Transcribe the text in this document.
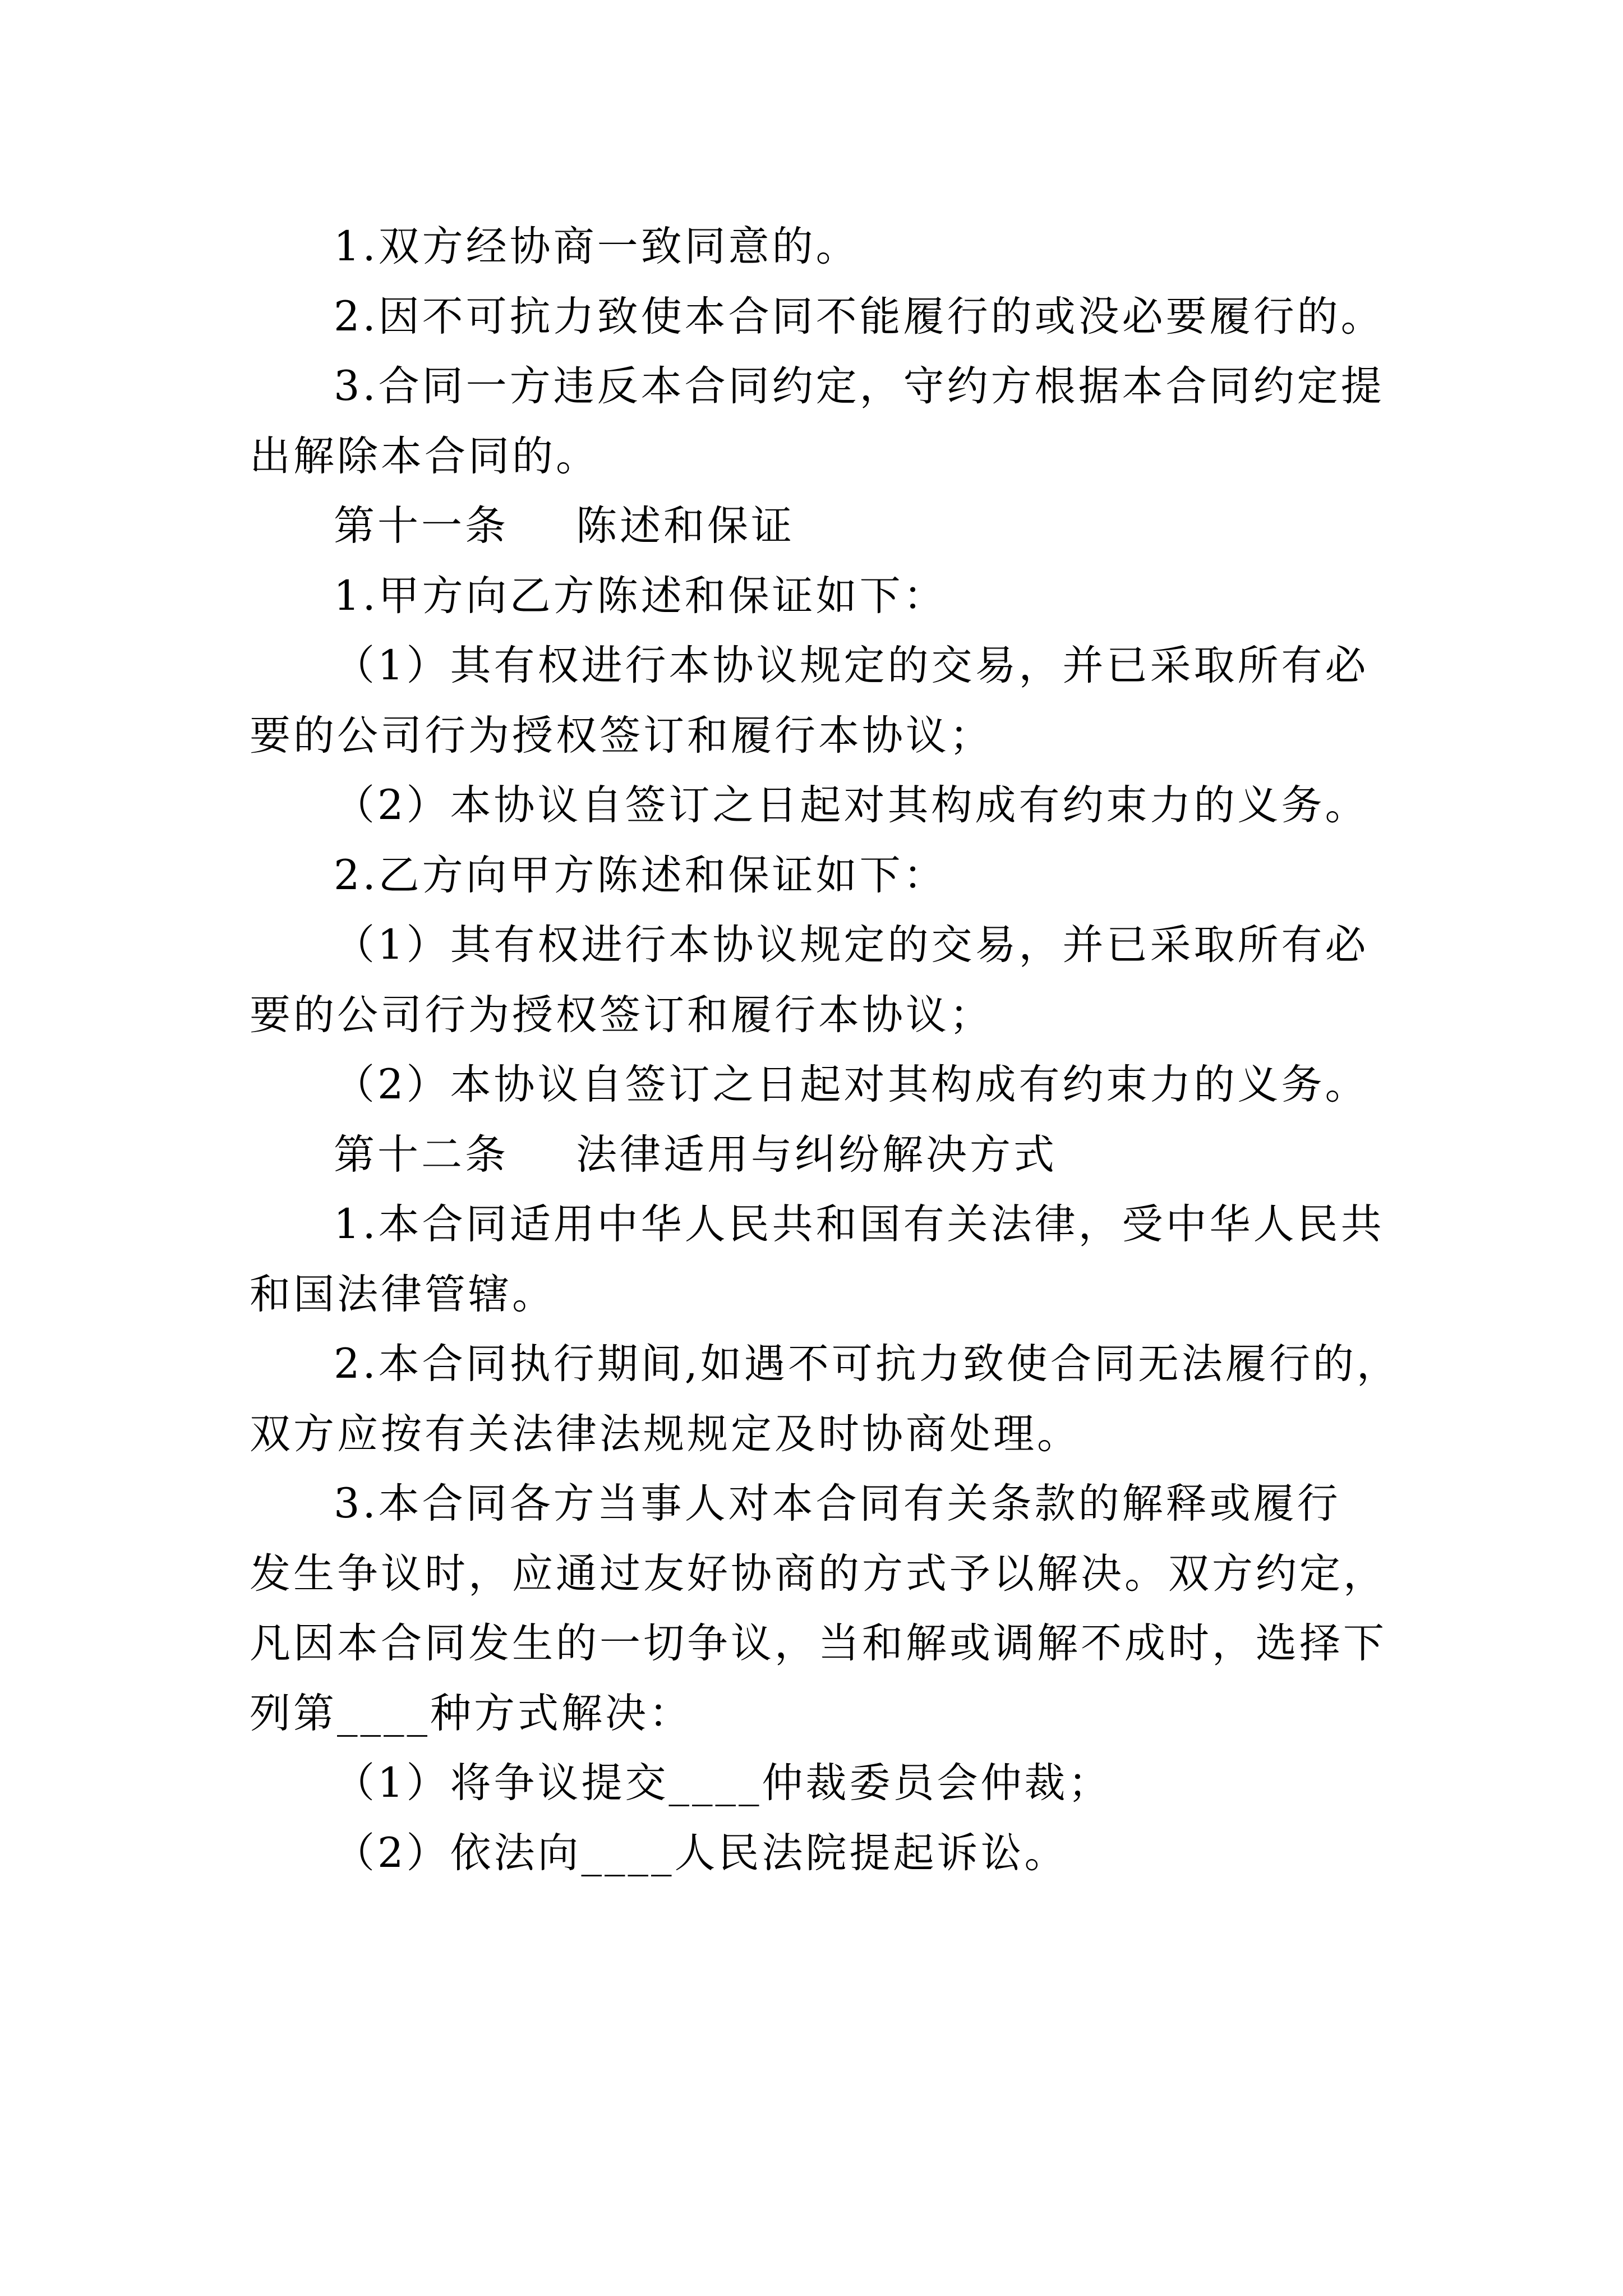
1.双方经协商一致同意的。

2.因不可抗力致使本合同不能履行的或没必要履行的。

3.合同一方违反本合同约定，守约方根据本合同约定提

出解除本合同的。

第十一条 陈述和保证

1.甲方向乙方陈述和保证如下：

（1）其有权进行本协议规定的交易，并已采取所有必

要的公司行为授权签订和履行本协议；

（2）本协议自签订之日起对其构成有约束力的义务。

2.乙方向甲方陈述和保证如下：

（1）其有权进行本协议规定的交易，并已采取所有必

要的公司行为授权签订和履行本协议；

（2）本协议自签订之日起对其构成有约束力的义务。

第十二条 法律适用与纠纷解决方式

1.本合同适用中华人民共和国有关法律，受中华人民共

和国法律管辖。

2.本合同执行期间,如遇不可抗力致使合同无法履行的，

双方应按有关法律法规规定及时协商处理。

3.本合同各方当事人对本合同有关条款的解释或履行

发生争议时，应通过友好协商的方式予以解决。双方约定，

凡因本合同发生的一切争议，当和解或调解不成时，选择下

列第____种方式解决：

（1）将争议提交____仲裁委员会仲裁；

（2）依法向____人民法院提起诉讼。
